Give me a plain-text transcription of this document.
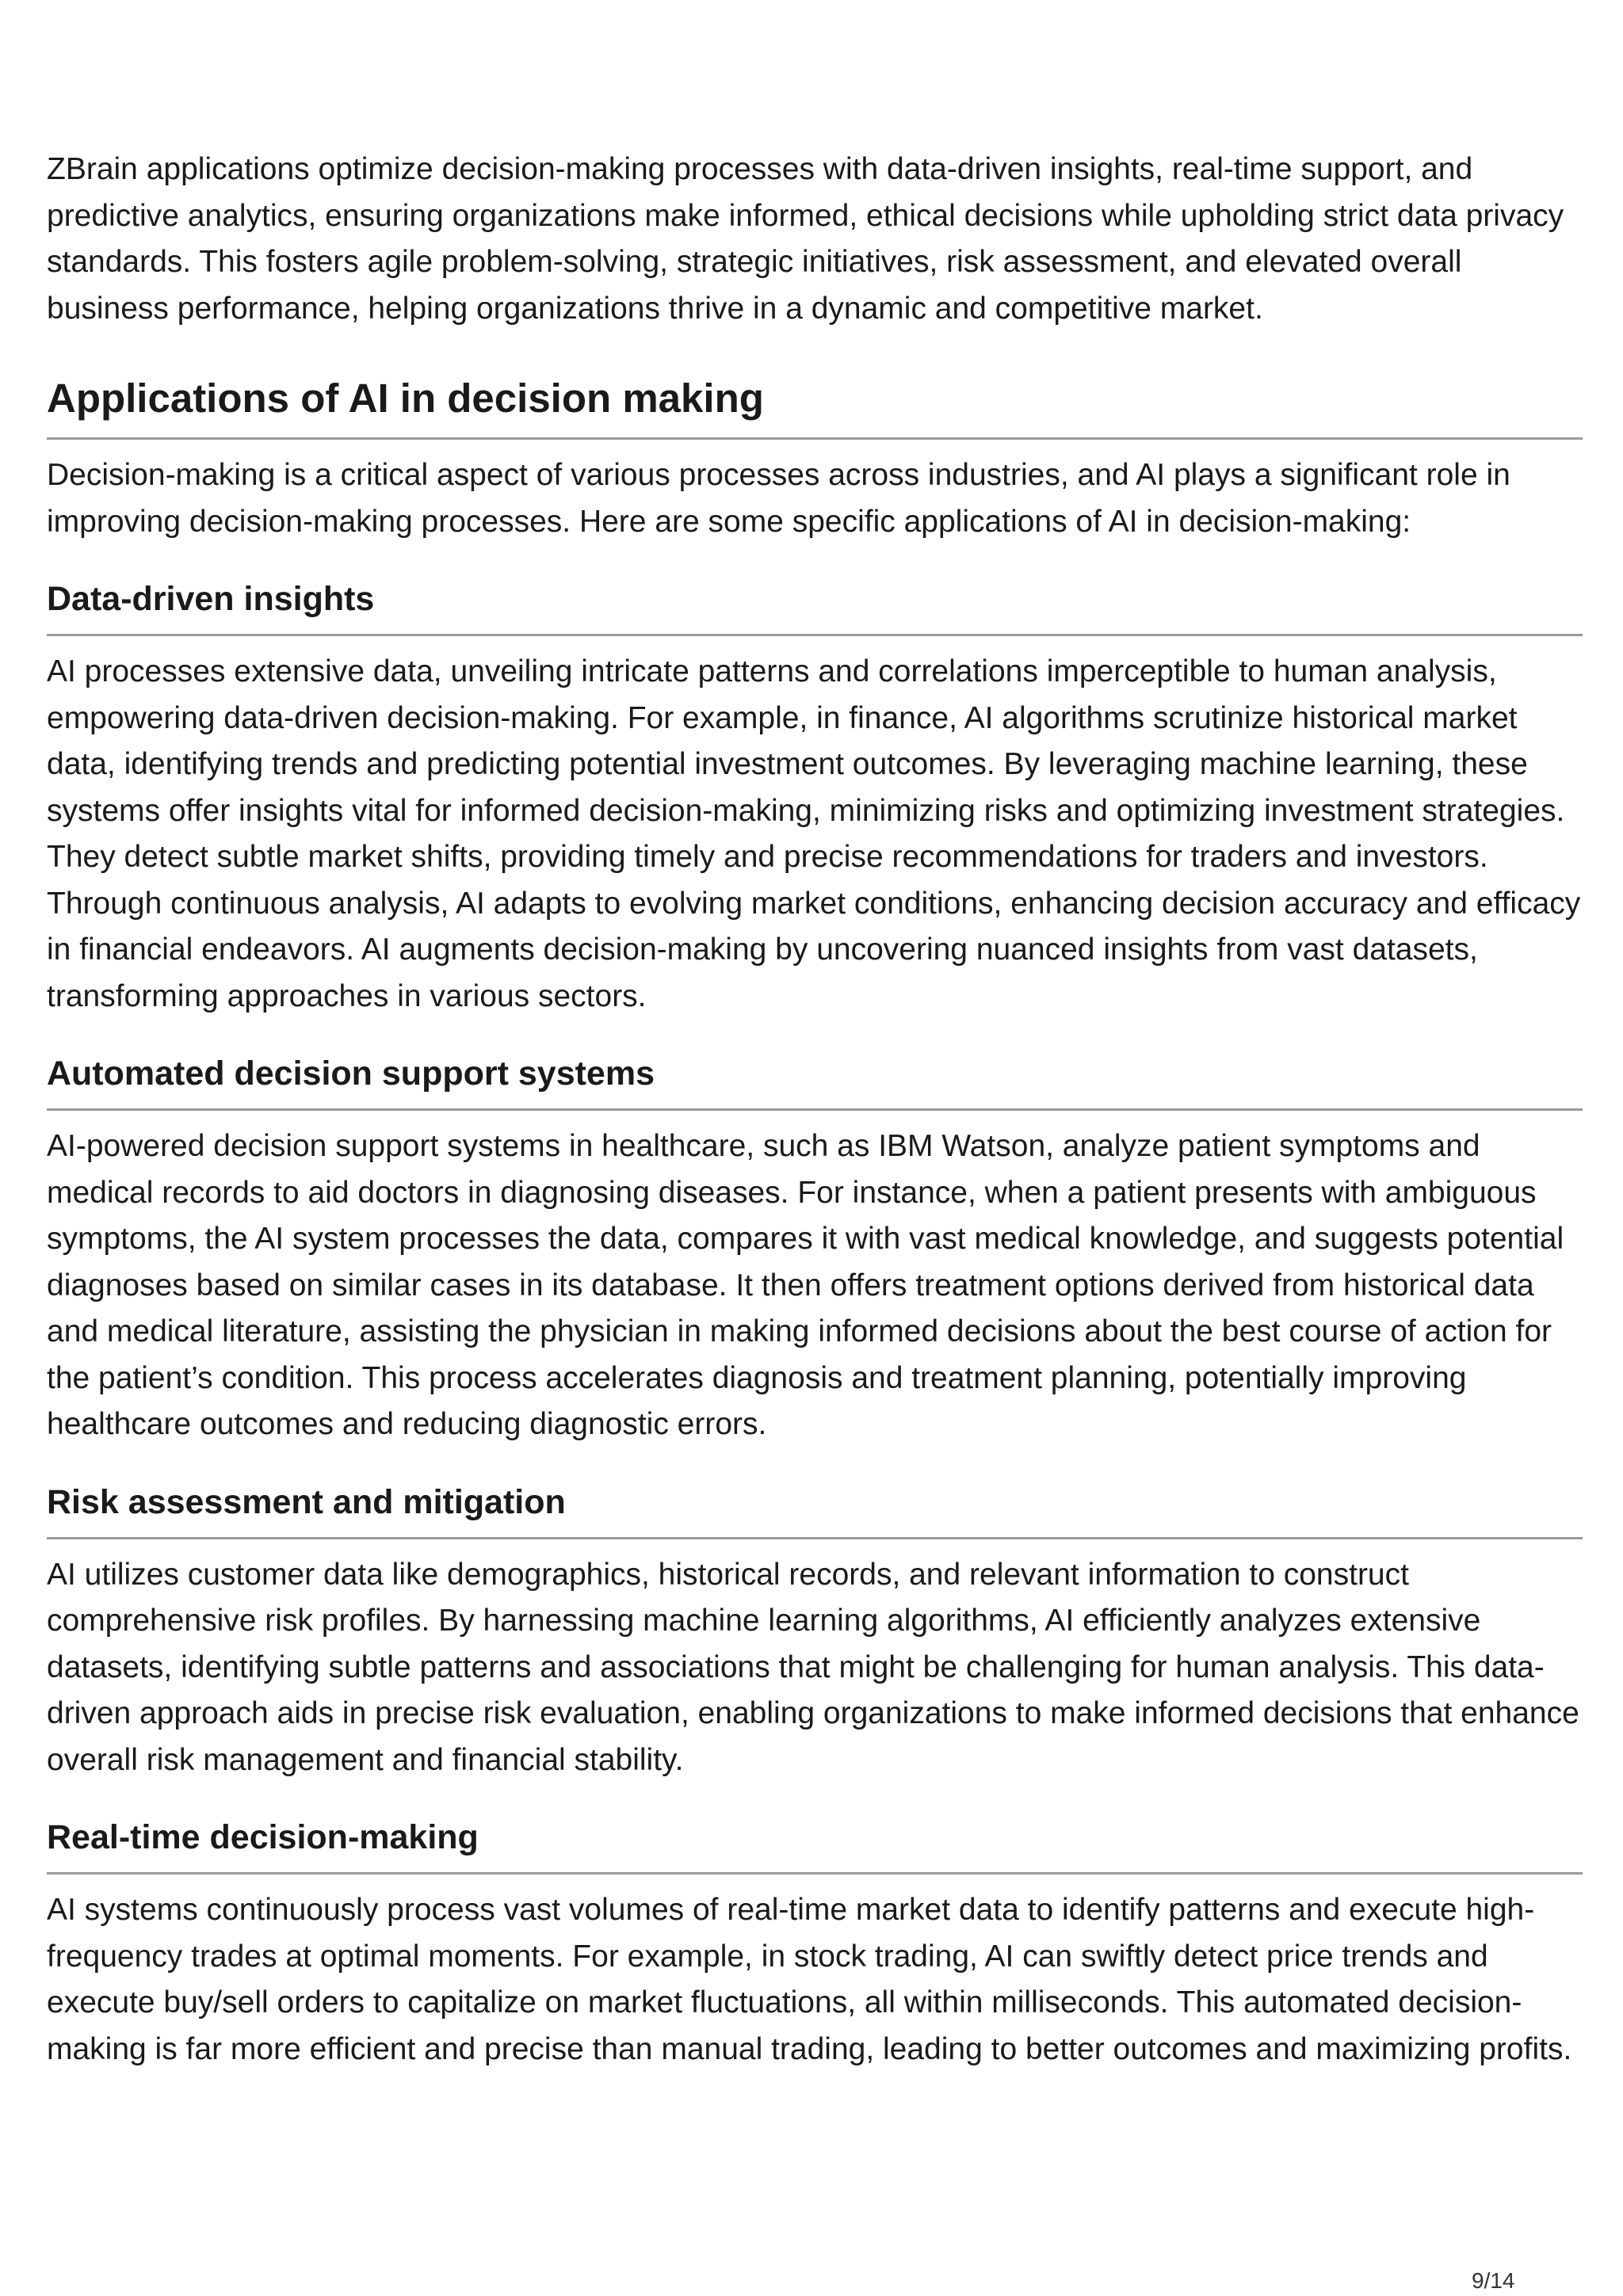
ZBrain applications optimize decision-making processes with data-driven insights, real-time support, and predictive analytics, ensuring organizations make informed, ethical decisions while upholding strict data privacy standards. This fosters agile problem-solving, strategic initiatives, risk assessment, and elevated overall business performance, helping organizations thrive in a dynamic and competitive market.

Applications of AI in decision making

Decision-making is a critical aspect of various processes across industries, and AI plays a significant role in improving decision-making processes. Here are some specific applications of AI in decision-making:

Data-driven insights

AI processes extensive data, unveiling intricate patterns and correlations imperceptible to human analysis, empowering data-driven decision-making. For example, in finance, AI algorithms scrutinize historical market data, identifying trends and predicting potential investment outcomes. By leveraging machine learning, these systems offer insights vital for informed decision-making, minimizing risks and optimizing investment strategies. They detect subtle market shifts, providing timely and precise recommendations for traders and investors. Through continuous analysis, AI adapts to evolving market conditions, enhancing decision accuracy and efficacy in financial endeavors. AI augments decision-making by uncovering nuanced insights from vast datasets, transforming approaches in various sectors.

Automated decision support systems

AI-powered decision support systems in healthcare, such as IBM Watson, analyze patient symptoms and medical records to aid doctors in diagnosing diseases. For instance, when a patient presents with ambiguous symptoms, the AI system processes the data, compares it with vast medical knowledge, and suggests potential diagnoses based on similar cases in its database. It then offers treatment options derived from historical data and medical literature, assisting the physician in making informed decisions about the best course of action for the patient’s condition. This process accelerates diagnosis and treatment planning, potentially improving healthcare outcomes and reducing diagnostic errors.

Risk assessment and mitigation

AI utilizes customer data like demographics, historical records, and relevant information to construct comprehensive risk profiles. By harnessing machine learning algorithms, AI efficiently analyzes extensive datasets, identifying subtle patterns and associations that might be challenging for human analysis. This data-driven approach aids in precise risk evaluation, enabling organizations to make informed decisions that enhance overall risk management and financial stability.

Real-time decision-making

AI systems continuously process vast volumes of real-time market data to identify patterns and execute high-frequency trades at optimal moments. For example, in stock trading, AI can swiftly detect price trends and execute buy/sell orders to capitalize on market fluctuations, all within milliseconds. This automated decision-making is far more efficient and precise than manual trading, leading to better outcomes and maximizing profits.

9/14
